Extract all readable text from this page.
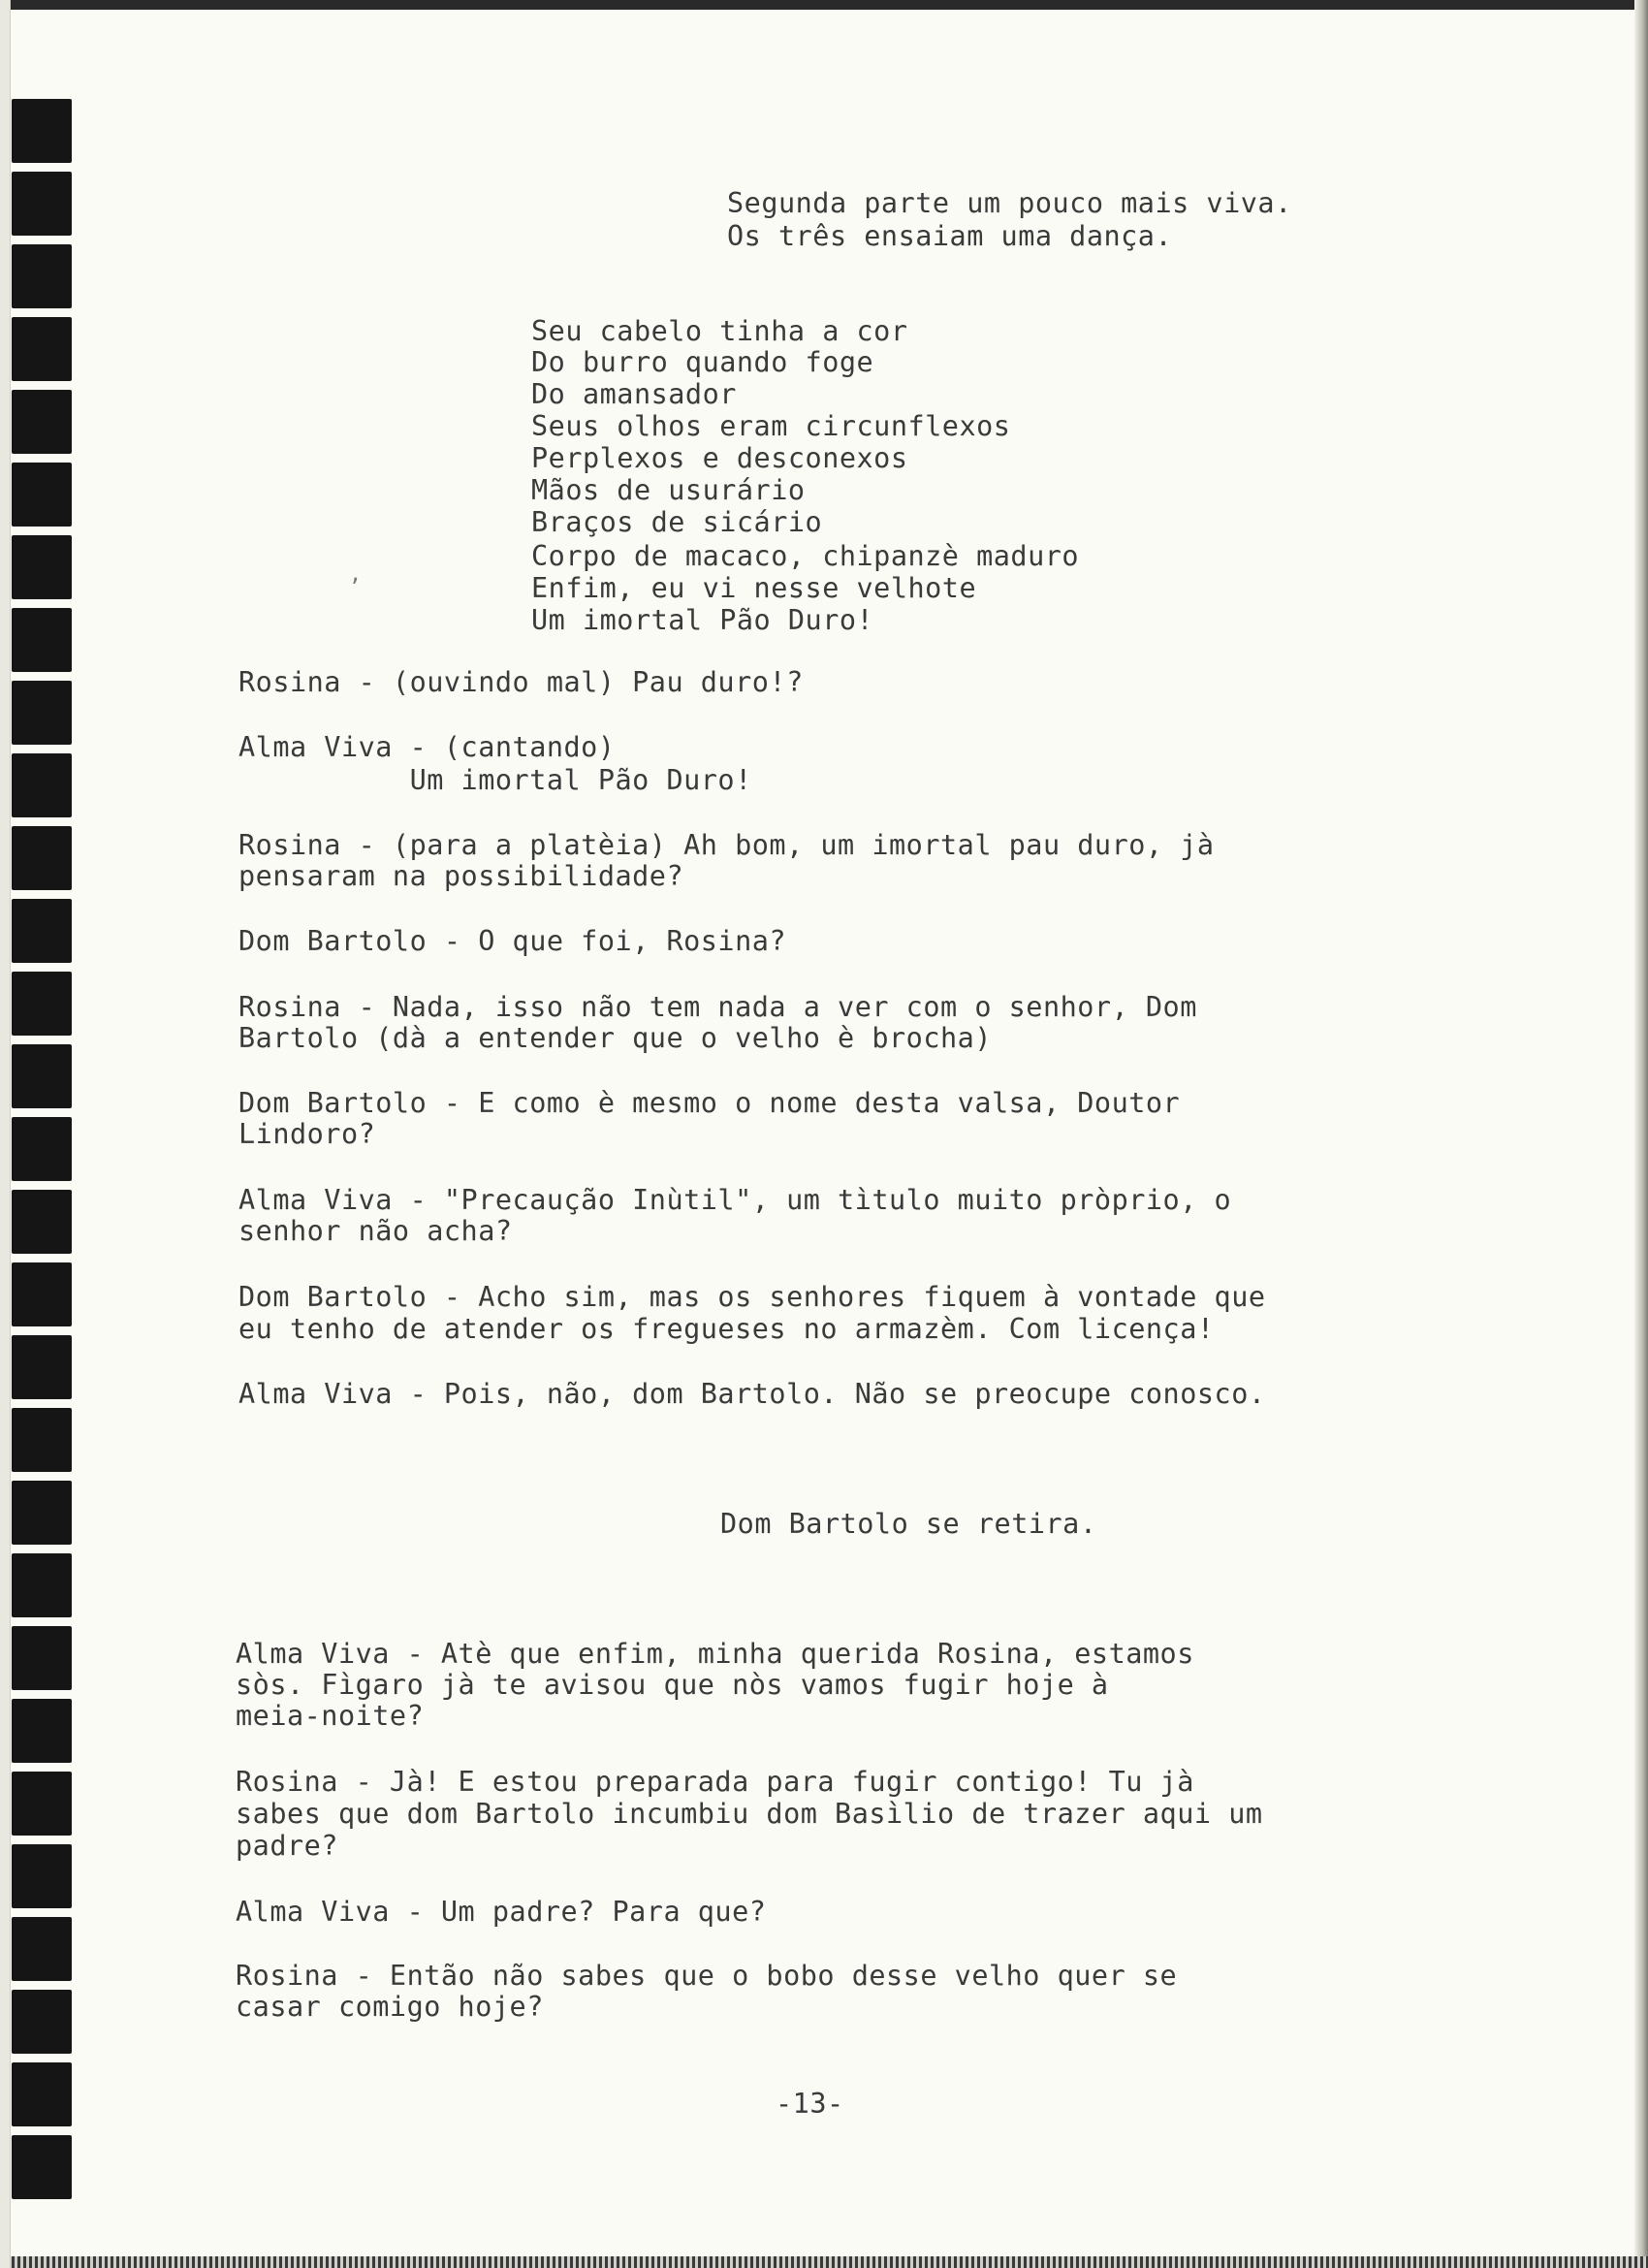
Segunda parte um pouco mais viva.
Os três ensaiam uma dança.
Seu cabelo tinha a cor
Do burro quando foge
Do amansador
Seus olhos eram circunflexos
Perplexos e desconexos
Mãos de usurário
Braços de sicário
Corpo de macaco, chipanzè maduro
Enfim, eu vi nesse velhote
Um imortal Pão Duro!
,
Rosina - (ouvindo mal) Pau duro!?
Alma Viva - (cantando)
Um imortal Pão Duro!
Rosina - (para a platèia) Ah bom, um imortal pau duro, jà
pensaram na possibilidade?
Dom Bartolo - O que foi, Rosina?
Rosina - Nada, isso não tem nada a ver com o senhor, Dom
Bartolo (dà a entender que o velho è brocha)
Dom Bartolo - E como è mesmo o nome desta valsa, Doutor
Lindoro?
Alma Viva - "Precaução Inùtil", um tìtulo muito pròprio, o
senhor não acha?
Dom Bartolo - Acho sim, mas os senhores fiquem à vontade que
eu tenho de atender os fregueses no armazèm. Com licença!
Alma Viva - Pois, não, dom Bartolo. Não se preocupe conosco.
Dom Bartolo se retira.
Alma Viva - Atè que enfim, minha querida Rosina, estamos
sòs. Fìgaro jà te avisou que nòs vamos fugir hoje à
meia-noite?
Rosina - Jà! E estou preparada para fugir contigo! Tu jà
sabes que dom Bartolo incumbiu dom Basìlio de trazer aqui um
padre?
Alma Viva - Um padre? Para que?
Rosina - Então não sabes que o bobo desse velho quer se
casar comigo hoje?
-13-
